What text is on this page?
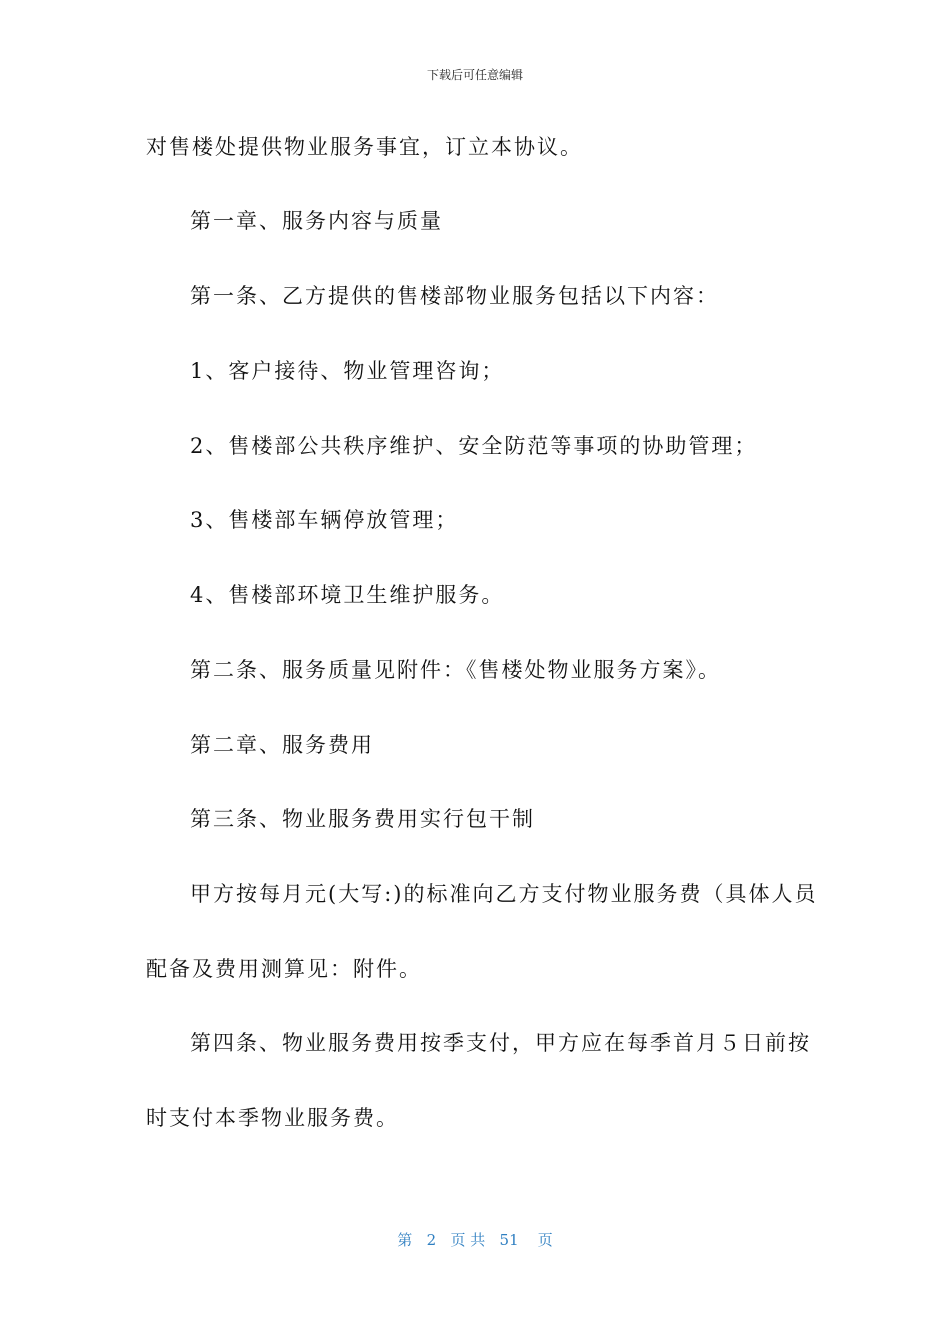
下载后可任意编辑
对售楼处提供物业服务事宜，订立本协议。
第一章、服务内容与质量
第一条、乙方提供的售楼部物业服务包括以下内容：
1、客户接待、物业管理咨询；
2、售楼部公共秩序维护、安全防范等事项的协助管理；
3、售楼部车辆停放管理；
4、售楼部环境卫生维护服务。
第二条、服务质量见附件：《售楼处物业服务方案》。
第二章、服务费用
第三条、物业服务费用实行包干制
甲方按每月元(大写:)的标准向乙方支付物业服务费（具体人员
配备及费用测算见：附件。
第四条、物业服务费用按季支付，甲方应在每季首月５日前按
时支付本季物业服务费。
第 2 页 共 51 页
